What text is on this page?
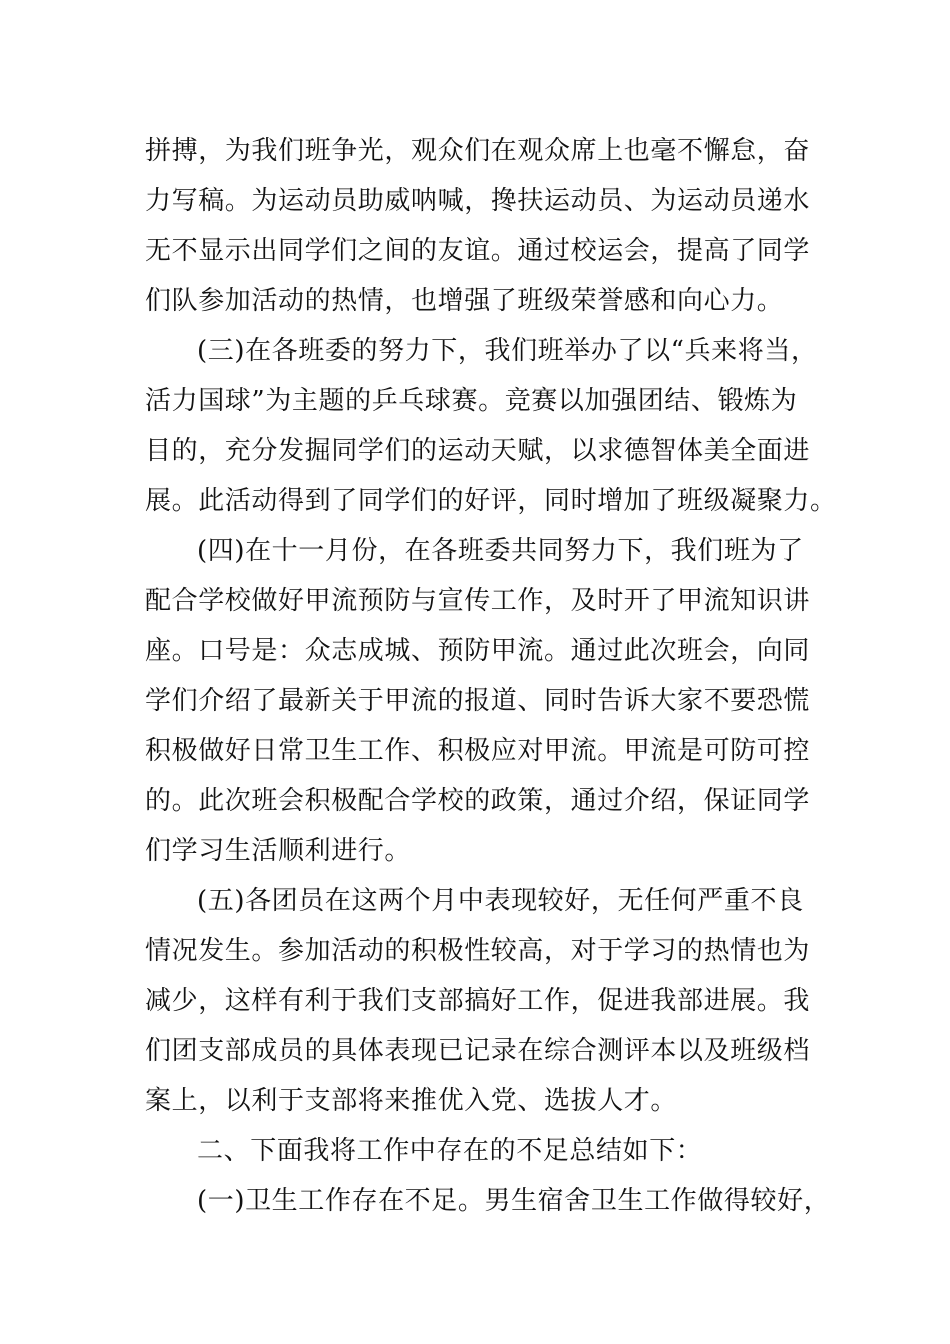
拼搏，为我们班争光，观众们在观众席上也毫不懈怠，奋
力写稿。为运动员助威呐喊，搀扶运动员、为运动员递水
无不显示出同学们之间的友谊。通过校运会，提高了同学
们队参加活动的热情，也增强了班级荣誉感和向心力。
(三)在各班委的努力下，我们班举办了以“兵来将当，
活力国球”为主题的乒乓球赛。竞赛以加强团结、锻炼为
目的，充分发掘同学们的运动天赋，以求德智体美全面进
展。此活动得到了同学们的好评，同时增加了班级凝聚力。
(四)在十一月份，在各班委共同努力下，我们班为了
配合学校做好甲流预防与宣传工作，及时开了甲流知识讲
座。口号是：众志成城、预防甲流。通过此次班会，向同
学们介绍了最新关于甲流的报道、同时告诉大家不要恐慌
积极做好日常卫生工作、积极应对甲流。甲流是可防可控
的。此次班会积极配合学校的政策，通过介绍，保证同学
们学习生活顺利进行。
(五)各团员在这两个月中表现较好，无任何严重不良
情况发生。参加活动的积极性较高，对于学习的热情也为
减少，这样有利于我们支部搞好工作，促进我部进展。我
们团支部成员的具体表现已记录在综合测评本以及班级档
案上，以利于支部将来推优入党、选拔人才。
二、下面我将工作中存在的不足总结如下：
(一)卫生工作存在不足。男生宿舍卫生工作做得较好，
